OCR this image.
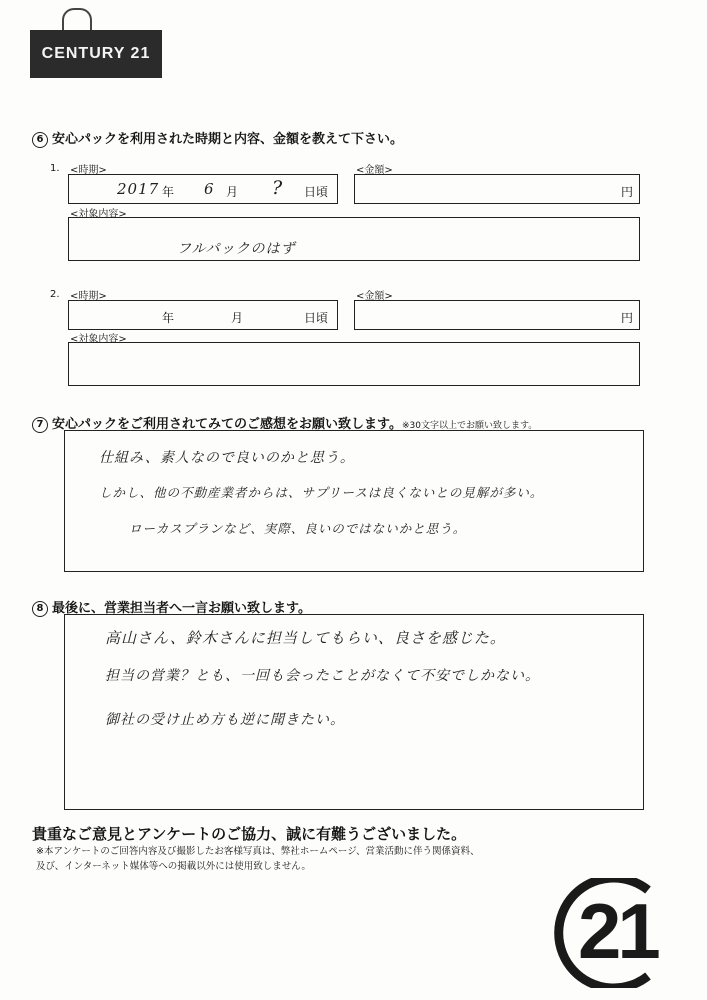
CENTURY 21
6 安心パックを利用された時期と内容、金額を教えて下さい。
1. <時期>	<金額>
2017 年 6 月 ? 日頃	円
<対象内容>
フルパックのはず
2. <時期>	<金額>
年	月	日頃	円
<対象内容>
7 安心パックをご利用されてみてのご感想をお願い致します。※30文字以上でお願い致します。
仕組み、素人なので良いのかと思う。
しかし、他の不動産業者からは、サプリースは良くないとの見解が多い。
ローカスプランなど、実際、良いのではないかと思う。
8 最後に、営業担当者へ一言お願い致します。
高山さん、鈴木さんに担当してもらい、良さを感じた。
担当の営業？とも、一回も会ったことがなくて不安でしかない。
御社の受け止め方も逆に聞きたい。
貴重なご意見とアンケートのご協力、誠に有難うございました。
※本アンケートのご回答内容及び撮影したお客様写真は、弊社ホームページ、営業活動に伴う関係資料、
及び、インターネット媒体等への掲載以外には使用致しません。
21
